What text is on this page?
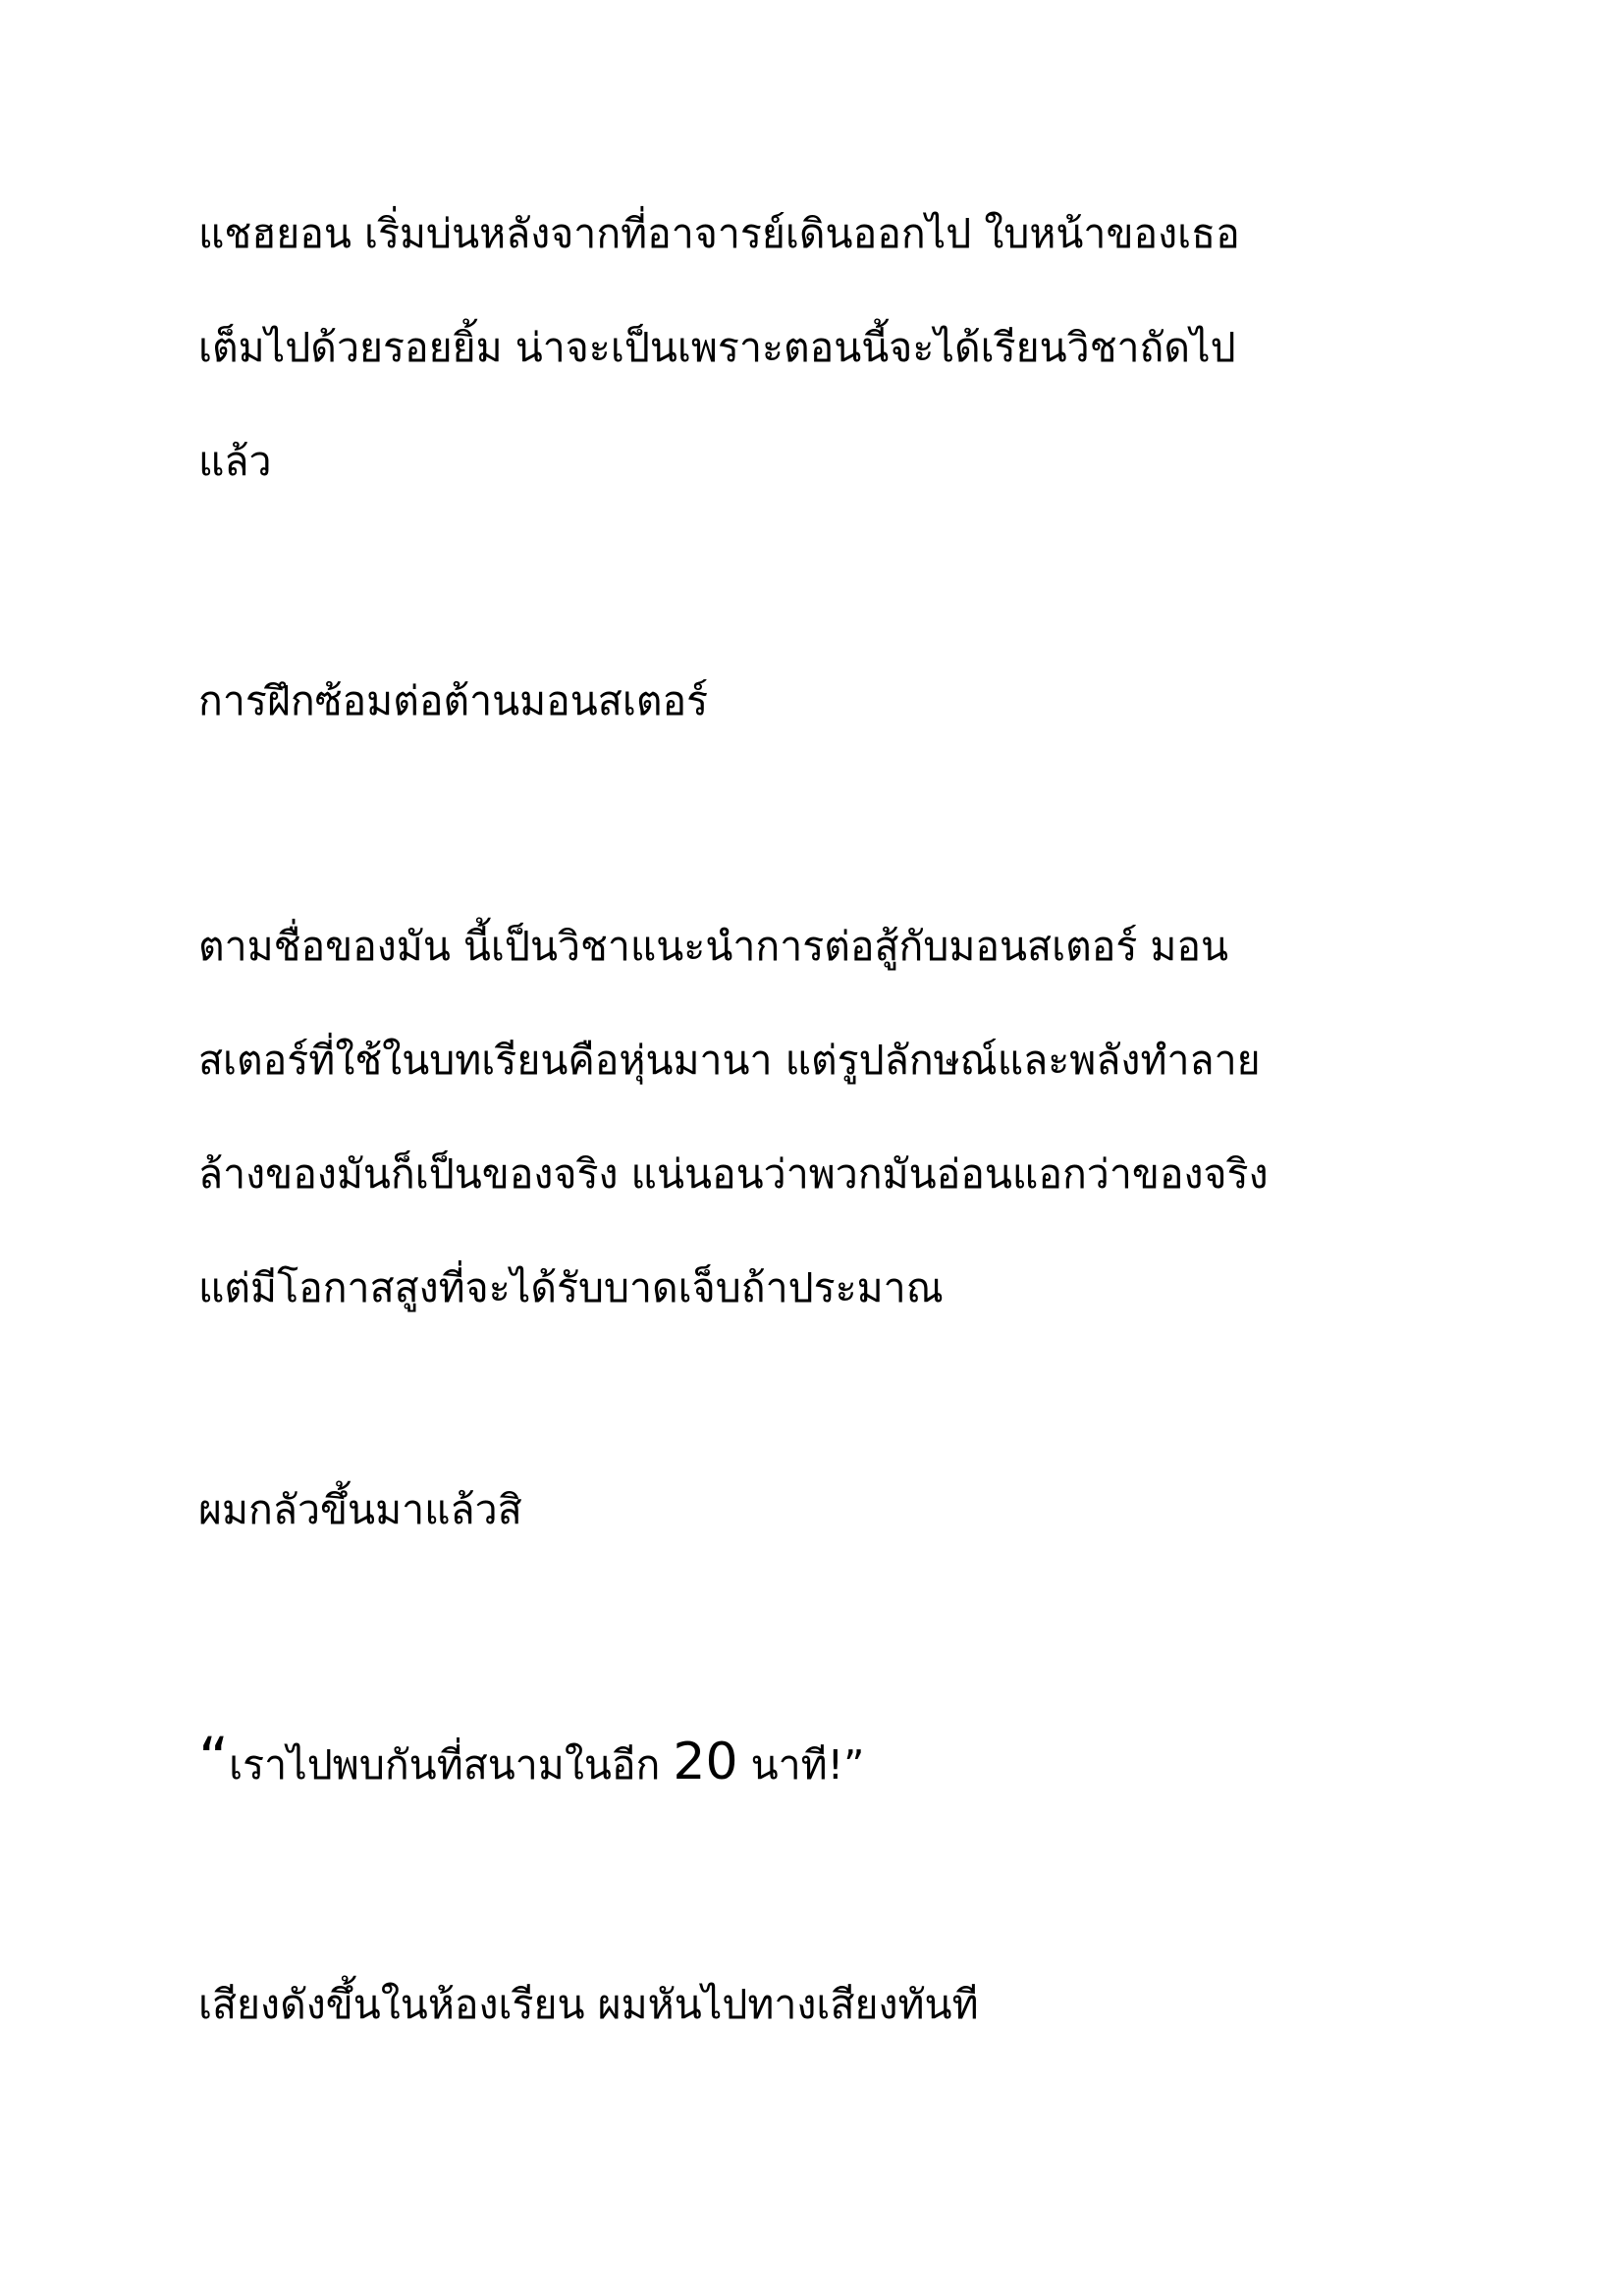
แชฮยอน เริ่มบ่นหลังจากที่อาจารย์เดินออกไป ใบหน้าของเธอ
เต็มไปด้วยรอยยิ้ม น่าจะเป็นเพราะตอนนี้จะได้เรียนวิชาถัดไป
แล้ว

การฝึกซ้อมต่อต้านมอนสเตอร์

ตามชื่อของมัน นี้เป็นวิชาแนะนำการต่อสู้กับมอนสเตอร์ มอน
สเตอร์ที่ใช้ในบทเรียนคือหุ่นมานา แต่รูปลักษณ์และพลังทำลาย
ล้างของมันก็เป็นของจริง แน่นอนว่าพวกมันอ่อนแอกว่าของจริง
แต่มีโอกาสสูงที่จะได้รับบาดเจ็บถ้าประมาณ

ผมกลัวขึ้นมาแล้วสิ

“เราไปพบกันที่สนามในอีก 20 นาที!”

เสียงดังขึ้นในห้องเรียน ผมหันไปทางเสียงทันที
